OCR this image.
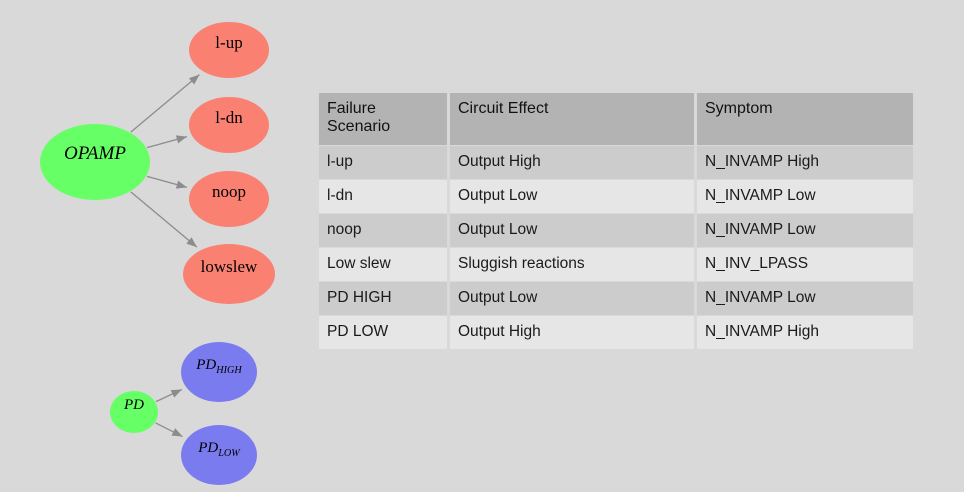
OPAMP
l-up
l-dn
noop
lowslew
PD
$PD_{HIGH}$
$PD_{LOW}$
Failure
Scenario	Circuit Effect	Symptom
l-up	Output High	N_INVAMP High
l-dn	Output Low	N_INVAMP Low
noop	Output Low	N_INVAMP Low
Low slew	Sluggish reactions	N_INV_LPASS
PD HIGH	Output Low	N_INVAMP Low
PD LOW	Output High	N_INVAMP High
